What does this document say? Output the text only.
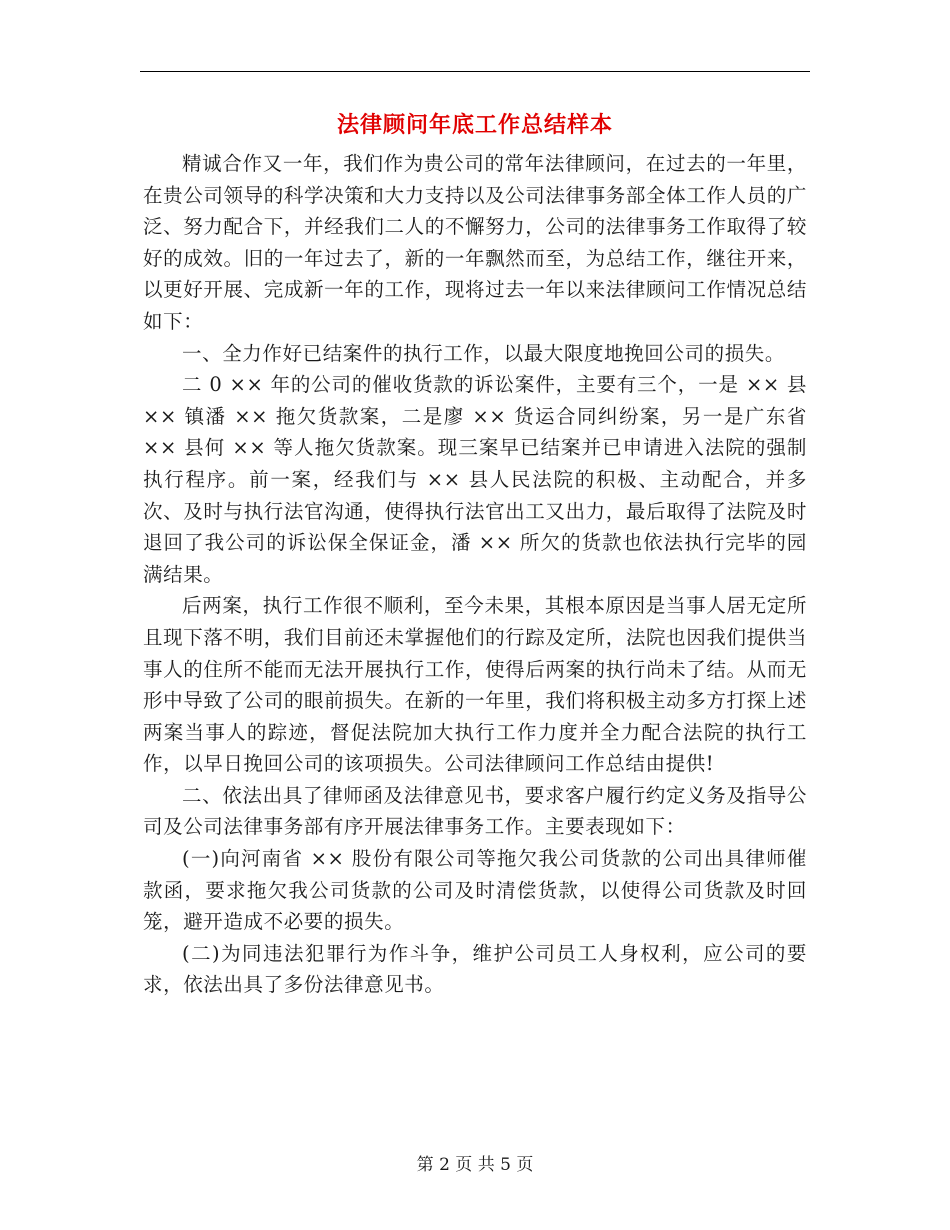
法律顾问年底工作总结样本

精诚合作又一年，我们作为贵公司的常年法律顾问，在过去的一年里，在贵公司领导的科学决策和大力支持以及公司法律事务部全体工作人员的广泛、努力配合下，并经我们二人的不懈努力，公司的法律事务工作取得了较好的成效。旧的一年过去了，新的一年飘然而至，为总结工作，继往开来，以更好开展、完成新一年的工作，现将过去一年以来法律顾问工作情况总结如下：

一、全力作好已结案件的执行工作，以最大限度地挽回公司的损失。

二 0 ×× 年的公司的催收货款的诉讼案件，主要有三个，一是 ×× 县 ×× 镇潘 ×× 拖欠货款案，二是廖 ×× 货运合同纠纷案，另一是广东省 ×× 县何 ×× 等人拖欠货款案。现三案早已结案并已申请进入法院的强制执行程序。前一案，经我们与 ×× 县人民法院的积极、主动配合，并多次、及时与执行法官沟通，使得执行法官出工又出力，最后取得了法院及时退回了我公司的诉讼保全保证金，潘 ×× 所欠的货款也依法执行完毕的园满结果。

后两案，执行工作很不顺利，至今未果，其根本原因是当事人居无定所且现下落不明，我们目前还未掌握他们的行踪及定所，法院也因我们提供当事人的住所不能而无法开展执行工作，使得后两案的执行尚未了结。从而无形中导致了公司的眼前损失。在新的一年里，我们将积极主动多方打探上述两案当事人的踪迹，督促法院加大执行工作力度并全力配合法院的执行工作，以早日挽回公司的该项损失。公司法律顾问工作总结由提供!

二、依法出具了律师函及法律意见书，要求客户履行约定义务及指导公司及公司法律事务部有序开展法律事务工作。主要表现如下：

(一)向河南省 ×× 股份有限公司等拖欠我公司货款的公司出具律师催款函，要求拖欠我公司货款的公司及时清偿货款，以使得公司货款及时回笼，避开造成不必要的损失。

(二)为同违法犯罪行为作斗争，维护公司员工人身权利，应公司的要求，依法出具了多份法律意见书。

第 2 页 共 5 页
